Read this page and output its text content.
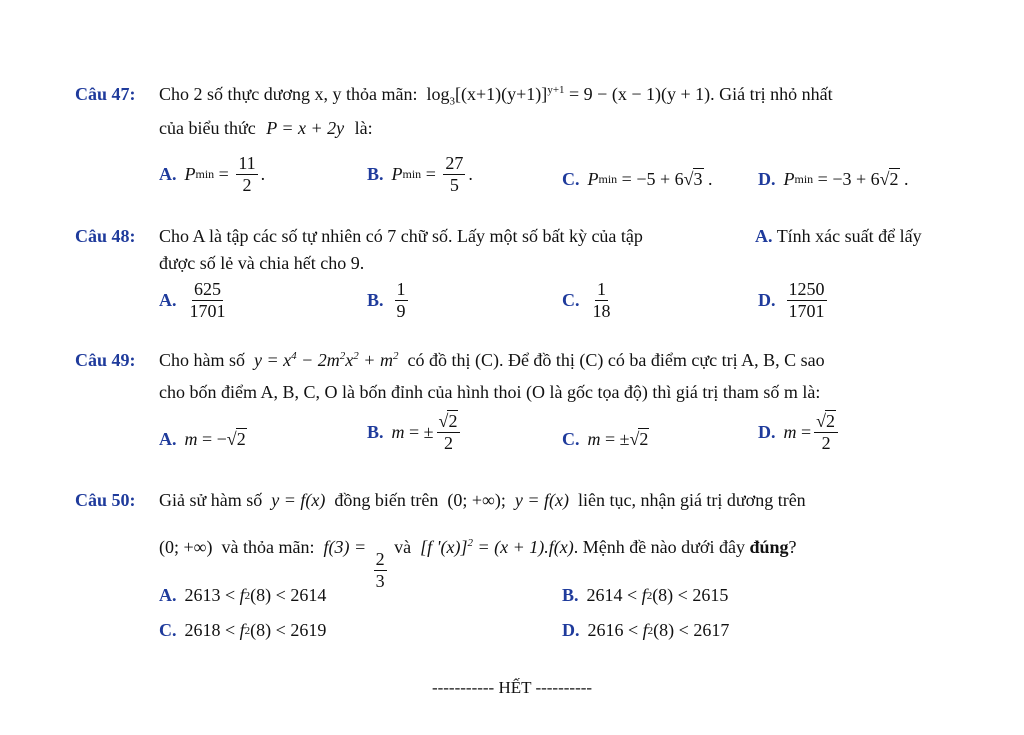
Câu 47: Cho 2 số thực dương x, y thỏa mãn:  $\log_3[(x+1)(y+1)]^{y+1} = 9 - (x - 1)(y + 1)$. Giá trị nhỏ nhất
của biểu thức P = x + 2y là:
A. P $\min = \frac{11}{2}$ .	B. P $\min = \frac{27}{5}$ .	C. P min = −5 + 6√ 3 .	D. P min = −3 + 6√ 2 .
Câu 48: Cho A là tập các số tự nhiên có 7 chữ số. Lấy một số bất kỳ của tập	A. Tính xác suất để lấy
được số lẻ và chia hết cho 9.
A. $\frac{625}{1701}$	B. $\frac{1}{9}$	C. $\frac{1}{18}$	D. $\frac{1250}{1701}$
Câu 49: Cho hàm số  $y = x^4 - 2m^2x^2 + m^2$ có đồ thị (C). Để đồ thị (C) có ba điểm cực trị A, B, C sao
cho bốn điểm A, B, C, O là bốn đỉnh của hình thoi (O là gốc tọa độ) thì giá trị tham số m là:
A. m = −√ 2	B. m = ± $\frac{√2}{2}$	C. m = ±√ 2	D. $m = \frac{√2}{2}$
Câu 50: Giả sử hàm số  y = f(x)  đồng biến trên  (0; +∞);  y = f(x)  liên tục, nhận giá trị dương trên
(0; +∞)  và thỏa mãn:  f(3) =
$\frac{2}{3}$
và  [f '(x)]$^2$ = (x + 1).f(x). Mệnh đề nào dưới đây đúng?
A. 2613 < f 2 (8) < 2614	B. 2614 < f 2 (8) < 2615
C. 2618 < f 2 (8) < 2619	D. 2616 < f 2 (8) < 2617
----------- HẾT ----------
